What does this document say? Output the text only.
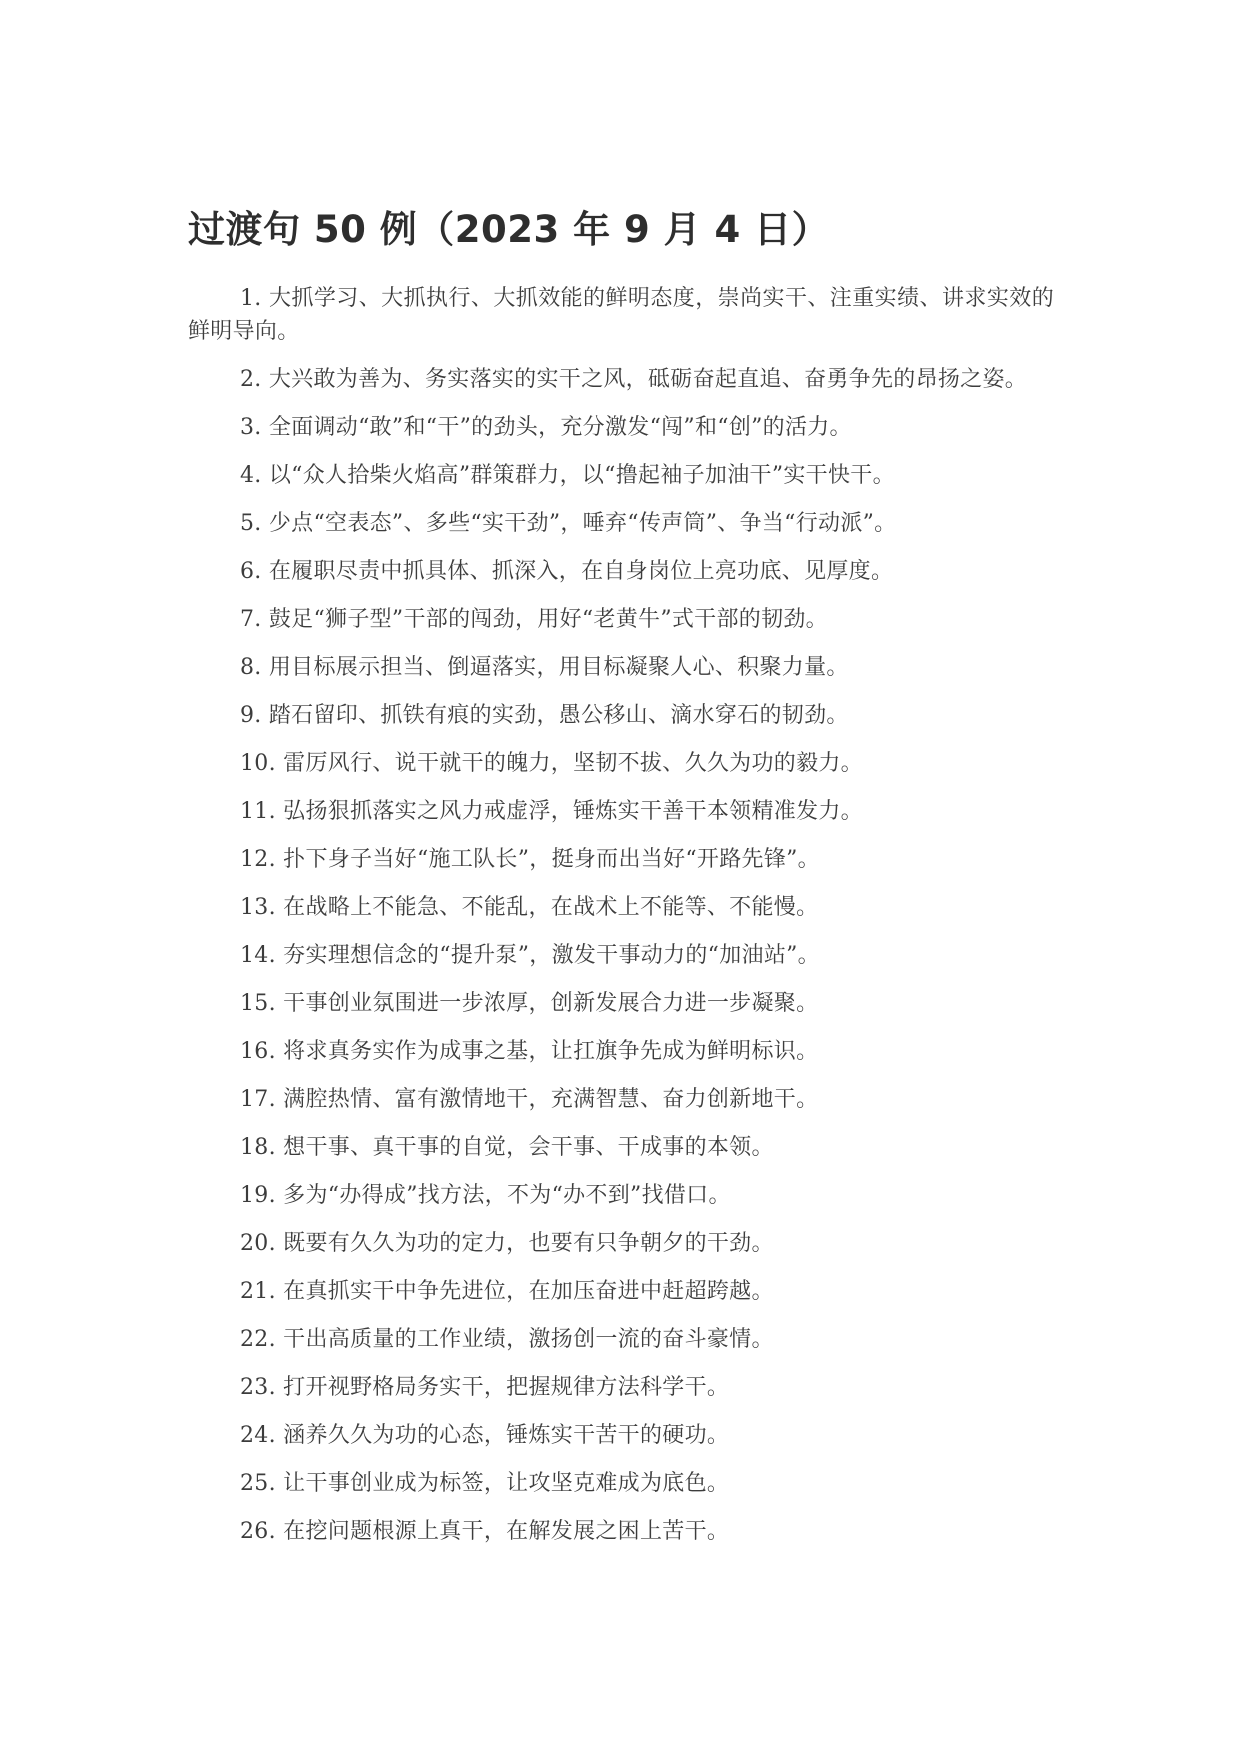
过渡句 50 例（2023 年 9 月 4 日）
1. 大抓学习、大抓执行、大抓效能的鲜明态度，崇尚实干、注重实绩、讲求实效的鲜明导向。
2. 大兴敢为善为、务实落实的实干之风，砥砺奋起直追、奋勇争先的昂扬之姿。
3. 全面调动“敢”和“干”的劲头，充分激发“闯”和“创”的活力。
4. 以“众人拾柴火焰高”群策群力，以“撸起袖子加油干”实干快干。
5. 少点“空表态”、多些“实干劲”，唾弃“传声筒”、争当“行动派”。
6. 在履职尽责中抓具体、抓深入，在自身岗位上亮功底、见厚度。
7. 鼓足“狮子型”干部的闯劲，用好“老黄牛”式干部的韧劲。
8. 用目标展示担当、倒逼落实，用目标凝聚人心、积聚力量。
9. 踏石留印、抓铁有痕的实劲，愚公移山、滴水穿石的韧劲。
10. 雷厉风行、说干就干的魄力，坚韧不拔、久久为功的毅力。
11. 弘扬狠抓落实之风力戒虚浮，锤炼实干善干本领精准发力。
12. 扑下身子当好“施工队长”，挺身而出当好“开路先锋”。
13. 在战略上不能急、不能乱，在战术上不能等、不能慢。
14. 夯实理想信念的“提升泵”，激发干事动力的“加油站”。
15. 干事创业氛围进一步浓厚，创新发展合力进一步凝聚。
16. 将求真务实作为成事之基，让扛旗争先成为鲜明标识。
17. 满腔热情、富有激情地干，充满智慧、奋力创新地干。
18. 想干事、真干事的自觉，会干事、干成事的本领。
19. 多为“办得成”找方法，不为“办不到”找借口。
20. 既要有久久为功的定力，也要有只争朝夕的干劲。
21. 在真抓实干中争先进位，在加压奋进中赶超跨越。
22. 干出高质量的工作业绩，激扬创一流的奋斗豪情。
23. 打开视野格局务实干，把握规律方法科学干。
24. 涵养久久为功的心态，锤炼实干苦干的硬功。
25. 让干事创业成为标签，让攻坚克难成为底色。
26. 在挖问题根源上真干，在解发展之困上苦干。
